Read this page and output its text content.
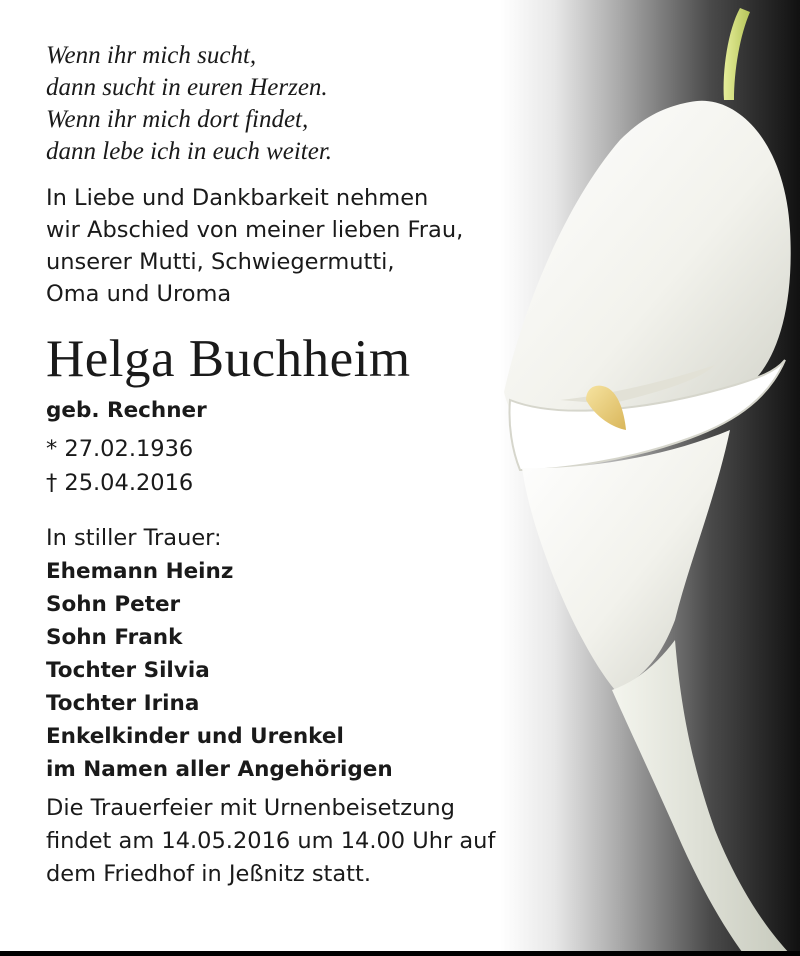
Wenn ihr mich sucht,
dann sucht in euren Herzen.
Wenn ihr mich dort findet,
dann lebe ich in euch weiter.
In Liebe und Dankbarkeit nehmen
wir Abschied von meiner lieben Frau,
unserer Mutti, Schwiegermutti,
Oma und Uroma
Helga Buchheim
geb. Rechner
* 27.02.1936
† 25.04.2016
In stiller Trauer:
Ehemann Heinz
Sohn Peter
Sohn Frank
Tochter Silvia
Tochter Irina
Enkelkinder und Urenkel
im Namen aller Angehörigen
Die Trauerfeier mit Urnenbeisetzung
findet am 14.05.2016 um 14.00 Uhr auf
dem Friedhof in Jeßnitz statt.
